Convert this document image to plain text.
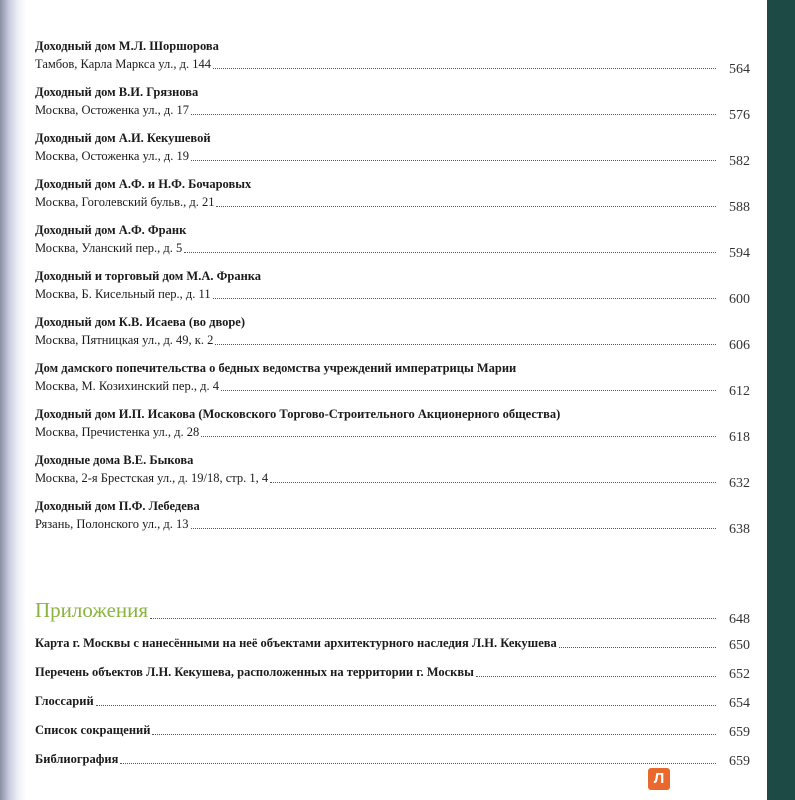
Доходный дом М.Л. Шоршорова
Тамбов, Карла Маркса ул., д. 144	564
Доходный дом В.И. Грязнова
Москва, Остоженка ул., д. 17	576
Доходный дом А.И. Кекушевой
Москва, Остоженка ул., д. 19	582
Доходный дом А.Ф. и Н.Ф. Бочаровых
Москва, Гоголевский бульв., д. 21	588
Доходный дом А.Ф. Франк
Москва, Уланский пер., д. 5	594
Доходный и торговый дом М.А. Франка
Москва, Б. Кисельный пер., д. 11	600
Доходный дом К.В. Исаева (во дворе)
Москва, Пятницкая ул., д. 49, к. 2	606
Дом дамского попечительства о бедных ведомства учреждений императрицы Марии
Москва, М. Козихинский пер., д. 4	612
Доходный дом И.П. Исакова (Московского Торгово-Строительного Акционерного общества)
Москва, Пречистенка ул., д. 28	618
Доходные дома В.Е. Быкова
Москва, 2-я Брестская ул., д. 19/18, стр. 1, 4	632
Доходный дом П.Ф. Лебедева
Рязань, Полонского ул., д. 13	638
Приложения	648
Карта г. Москвы с нанесёнными на неё объектами архитектурного наследия Л.Н. Кекушева	650
Перечень объектов Л.Н. Кекушева, расположенных на территории г. Москвы	652
Глоссарий	654
Список сокращений	659
Библиография	659
Л
